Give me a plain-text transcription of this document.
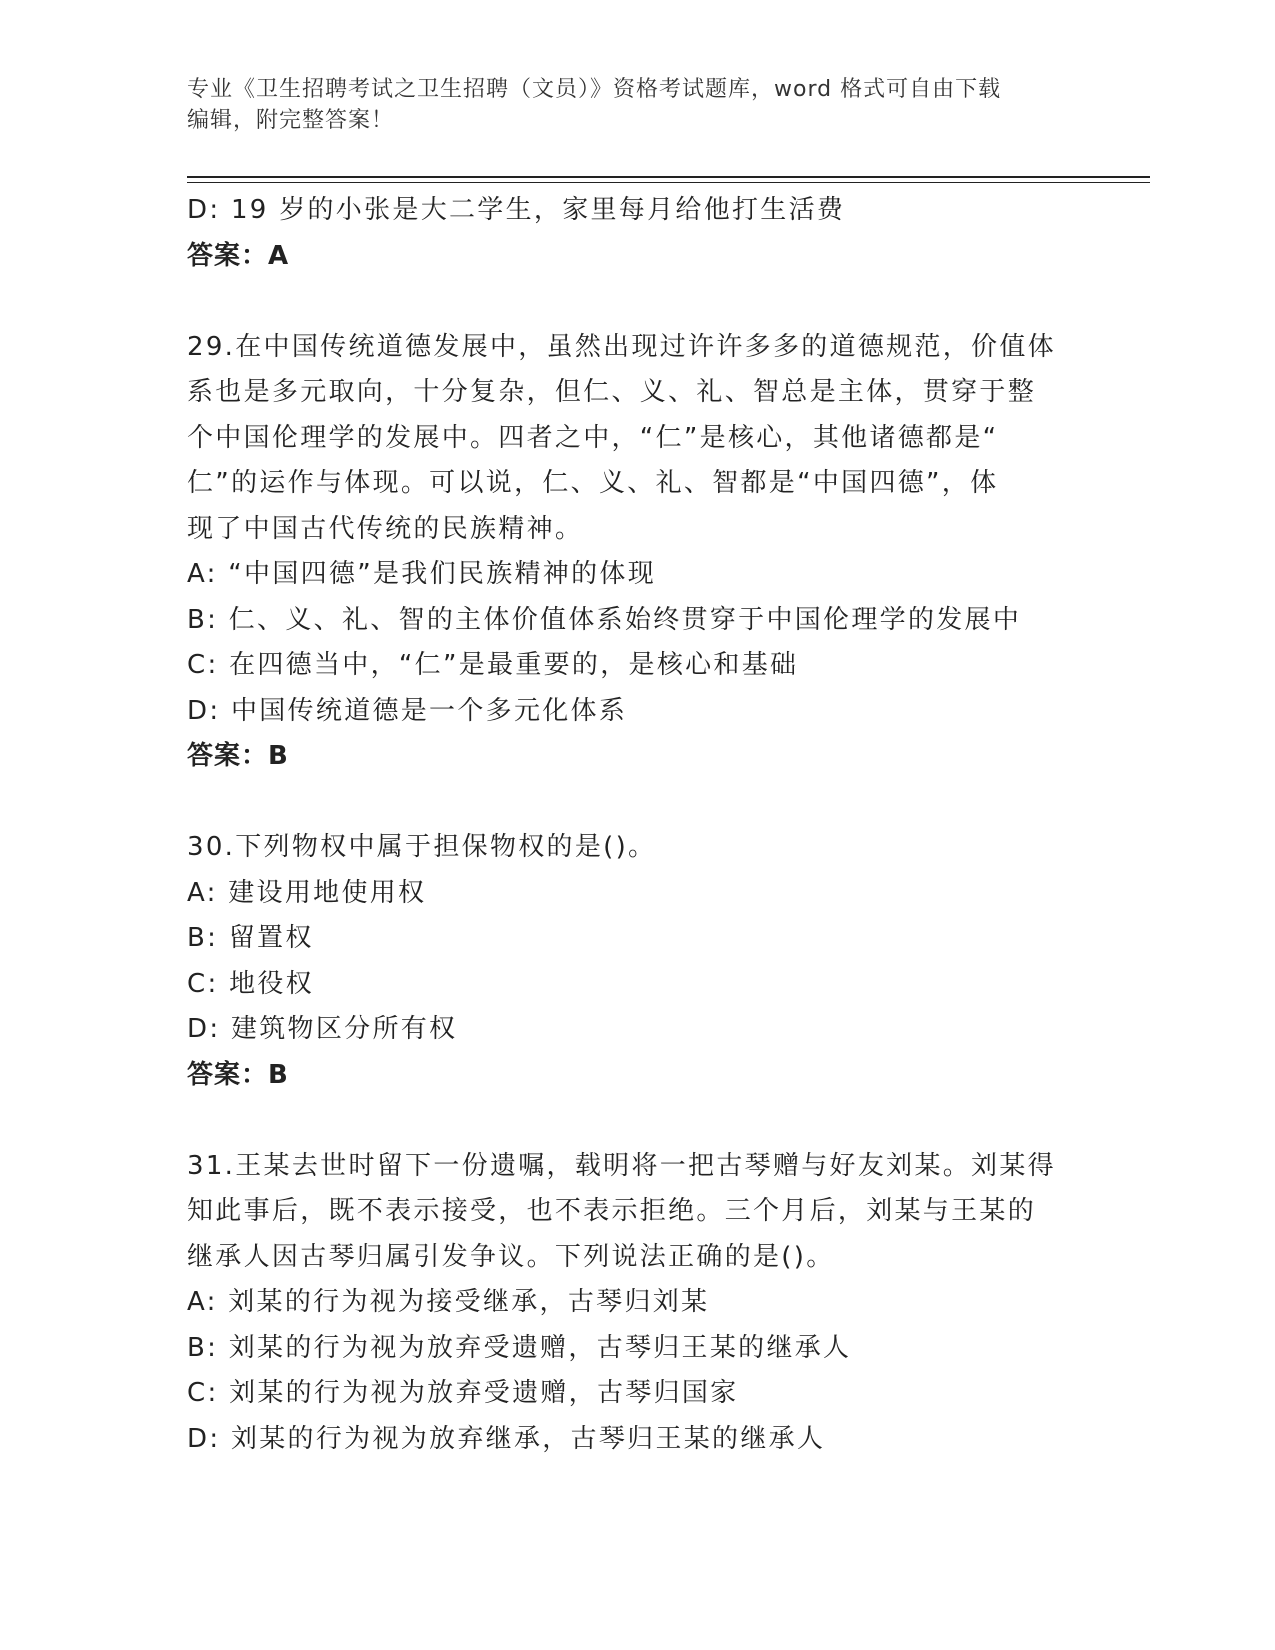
专业《卫生招聘考试之卫生招聘（文员）》资格考试题库，word 格式可自由下载
编辑，附完整答案！
D: 19 岁的小张是大二学生，家里每月给他打生活费
答案：A
29.在中国传统道德发展中，虽然出现过许许多多的道德规范，价值体
系也是多元取向，十分复杂，但仁、义、礼、智总是主体，贯穿于整
个中国伦理学的发展中。四者之中，“仁”是核心，其他诸德都是“
仁”的运作与体现。可以说，仁、义、礼、智都是“中国四德”，体
现了中国古代传统的民族精神。
A: “中国四德”是我们民族精神的体现
B: 仁、义、礼、智的主体价值体系始终贯穿于中国伦理学的发展中
C: 在四德当中，“仁”是最重要的，是核心和基础
D: 中国传统道德是一个多元化体系
答案：B
30.下列物权中属于担保物权的是()。
A: 建设用地使用权
B: 留置权
C: 地役权
D: 建筑物区分所有权
答案：B
31.王某去世时留下一份遗嘱，载明将一把古琴赠与好友刘某。刘某得
知此事后，既不表示接受，也不表示拒绝。三个月后，刘某与王某的
继承人因古琴归属引发争议。下列说法正确的是()。
A: 刘某的行为视为接受继承，古琴归刘某
B: 刘某的行为视为放弃受遗赠，古琴归王某的继承人
C: 刘某的行为视为放弃受遗赠，古琴归国家
D: 刘某的行为视为放弃继承，古琴归王某的继承人
